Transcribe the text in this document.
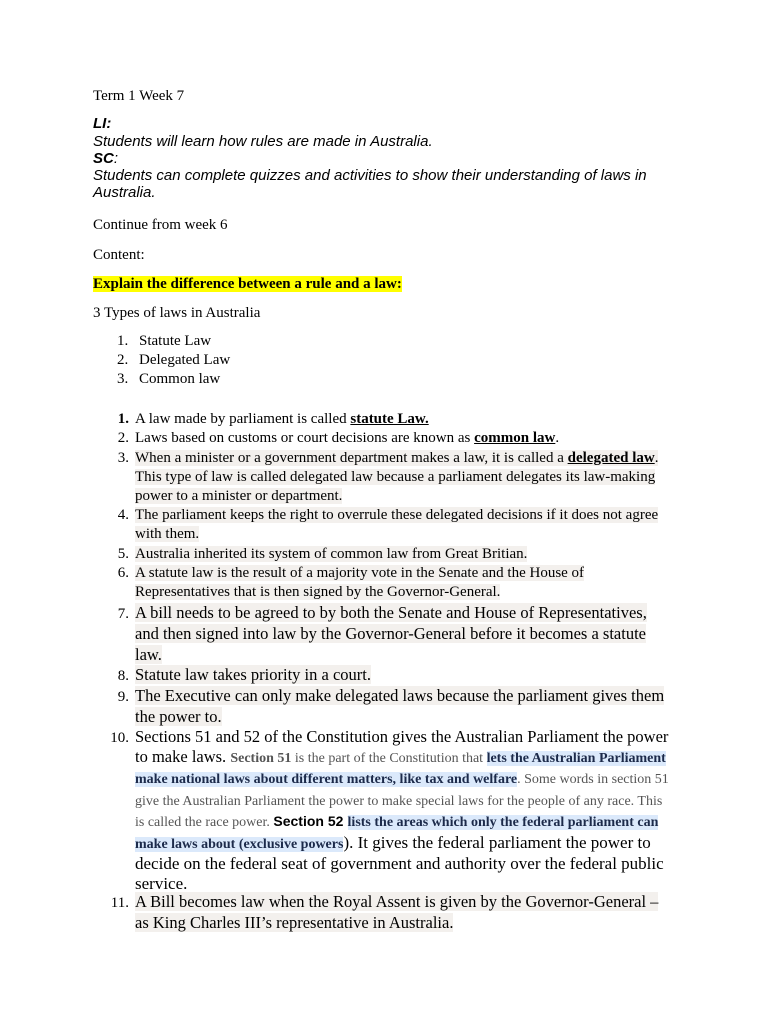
Term 1 Week 7
LI:
Students will learn how rules are made in Australia.
SC:
Students can complete quizzes and activities to show their understanding of laws in
Australia.
Continue from week 6
Content:
Explain the difference between a rule and a law:
3 Types of laws in Australia
1. Statute Law
2. Delegated Law
3. Common law
1. A law made by parliament is called statute Law.
2. Laws based on customs or court decisions are known as common law.
3. When a minister or a government department makes a law, it is called a delegated law. This type of law is called delegated law because a parliament delegates its law-making power to a minister or department.
4. The parliament keeps the right to overrule these delegated decisions if it does not agree with them.
5. Australia inherited its system of common law from Great Britian.
6. A statute law is the result of a majority vote in the Senate and the House of Representatives that is then signed by the Governor-General.
7. A bill needs to be agreed to by both the Senate and House of Representatives, and then signed into law by the Governor-General before it becomes a statute law.
8. Statute law takes priority in a court.
9. The Executive can only make delegated laws because the parliament gives them the power to.
10. Sections 51 and 52 of the Constitution gives the Australian Parliament the power to make laws. Section 51 is the part of the Constitution that lets the Australian Parliament make national laws about different matters, like tax and welfare. Some words in section 51 give the Australian Parliament the power to make special laws for the people of any race. This is called the race power. Section 52 lists the areas which only the federal parliament can make laws about (exclusive powers). It gives the federal parliament the power to decide on the federal seat of government and authority over the federal public service.
11. A Bill becomes law when the Royal Assent is given by the Governor-General – as King Charles III’s representative in Australia.
